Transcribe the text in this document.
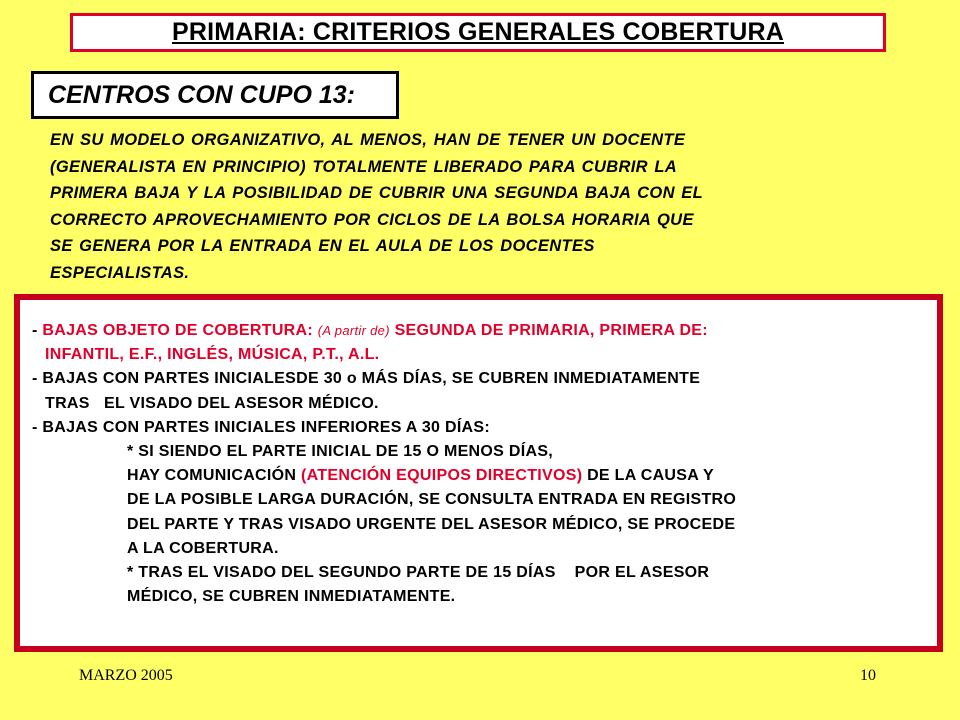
PRIMARIA: CRITERIOS GENERALES COBERTURA
CENTROS CON CUPO 13:
EN SU MODELO ORGANIZATIVO, AL MENOS, HAN DE TENER UN DOCENTE
(GENERALISTA EN PRINCIPIO) TOTALMENTE LIBERADO PARA CUBRIR LA
PRIMERA BAJA Y LA POSIBILIDAD DE CUBRIR UNA SEGUNDA BAJA CON EL
CORRECTO APROVECHAMIENTO POR CICLOS DE LA BOLSA HORARIA QUE
SE GENERA POR LA ENTRADA EN EL AULA DE LOS DOCENTES
ESPECIALISTAS.
- BAJAS OBJETO DE COBERTURA: (A partir de) SEGUNDA DE PRIMARIA, PRIMERA DE:
INFANTIL, E.F., INGLÉS, MÚSICA, P.T., A.L.
- BAJAS CON PARTES INICIALESDE 30 o MÁS DÍAS, SE CUBREN INMEDIATAMENTE
TRAS   EL VISADO DEL ASESOR MÉDICO.
- BAJAS CON PARTES INICIALES INFERIORES A 30 DÍAS:
* SI SIENDO EL PARTE INICIAL DE 15 O MENOS DÍAS,
HAY COMUNICACIÓN (ATENCIÓN EQUIPOS DIRECTIVOS) DE LA CAUSA Y
DE LA POSIBLE LARGA DURACIÓN, SE CONSULTA ENTRADA EN REGISTRO
DEL PARTE Y TRAS VISADO URGENTE DEL ASESOR MÉDICO, SE PROCEDE
A LA COBERTURA.
* TRAS EL VISADO DEL SEGUNDO PARTE DE 15 DÍAS    POR EL ASESOR
MÉDICO, SE CUBREN INMEDIATAMENTE.
MARZO 2005	10
